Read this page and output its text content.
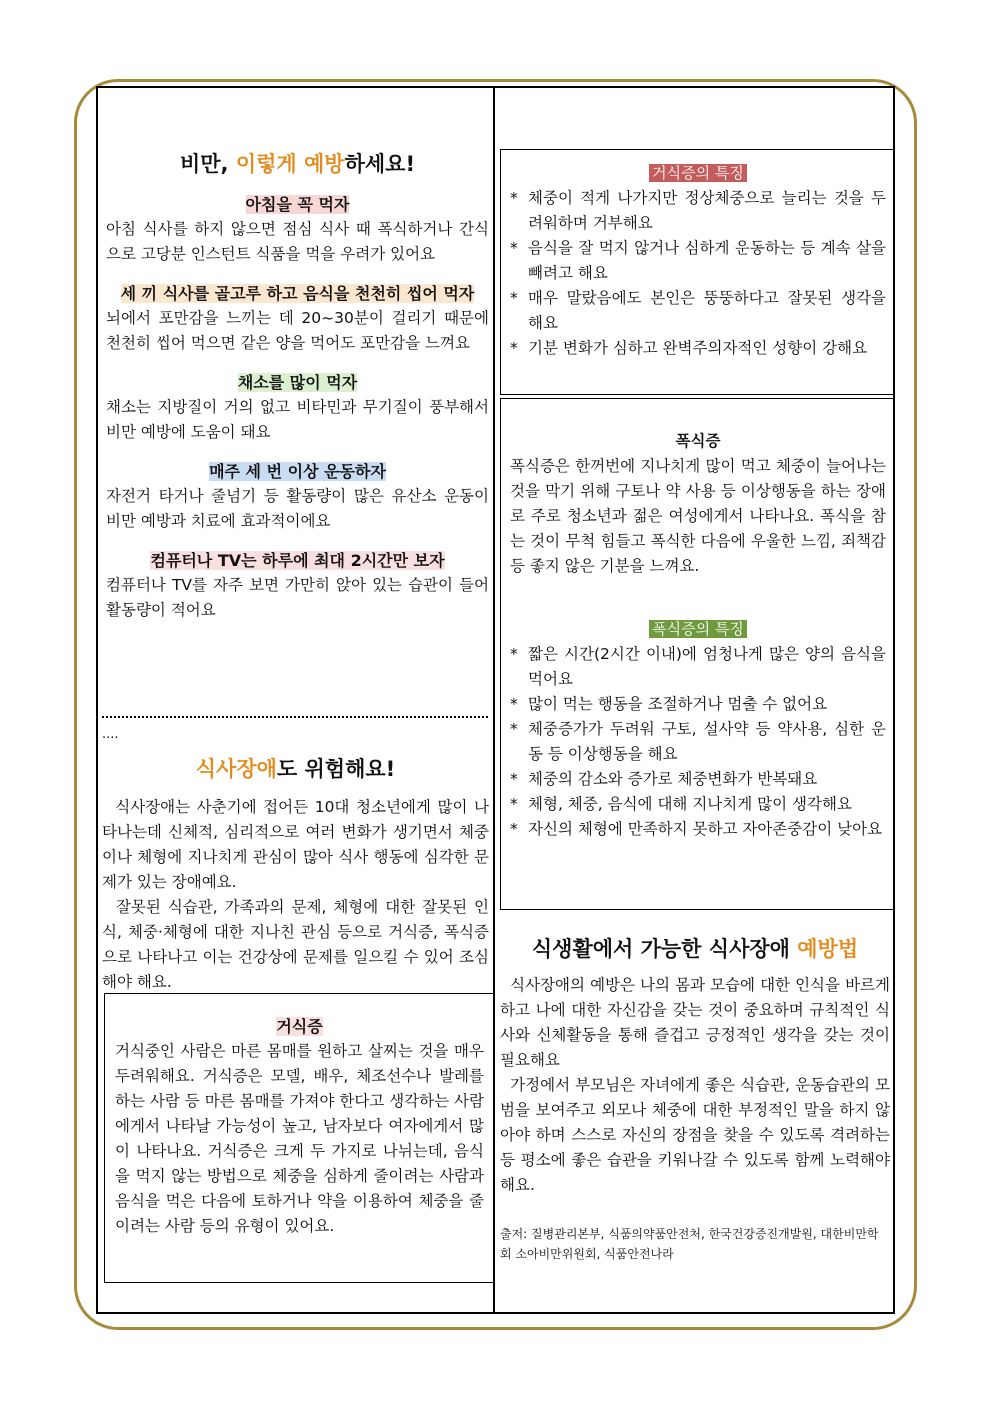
비만, 이렇게 예방하세요!

아침을 꼭 먹자

아침 식사를 하지 않으면 점심 식사 때 폭식하거나 간식으로 고당분 인스턴트 식품을 먹을 우려가 있어요

세 끼 식사를 골고루 하고 음식을 천천히 씹어 먹자

뇌에서 포만감을 느끼는 데 20~30분이 걸리기 때문에 천천히 씹어 먹으면 같은 양을 먹어도 포만감을 느껴요

채소를 많이 먹자

채소는 지방질이 거의 없고 비타민과 무기질이 풍부해서 비만 예방에 도움이 돼요

매주 세 번 이상 운동하자

자전거 타거나 줄넘기 등 활동량이 많은 유산소 운동이 비만 예방과 치료에 효과적이에요

컴퓨터나 TV는 하루에 최대 2시간만 보자

컴퓨터나 TV를 자주 보면 가만히 앉아 있는 습관이 들어 활동량이 적어요

....

식사장애도 위험해요!

식사장애는 사춘기에 접어든 10대 청소년에게 많이 나타나는데 신체적, 심리적으로 여러 변화가 생기면서 체중이나 체형에 지나치게 관심이 많아 식사 행동에 심각한 문제가 있는 장애예요.

잘못된 식습관, 가족과의 문제, 체형에 대한 잘못된 인식, 체중·체형에 대한 지나친 관심 등으로 거식증, 폭식증으로 나타나고 이는 건강상에 문제를 일으킬 수 있어 조심해야 해요.

거식증

거식중인 사람은 마른 몸매를 원하고 살찌는 것을 매우 두려워해요. 거식증은 모델, 배우, 체조선수나 발레를 하는 사람 등 마른 몸매를 가져야 한다고 생각하는 사람에게서 나타날 가능성이 높고, 남자보다 여자에게서 많이 나타나요. 거식증은 크게 두 가지로 나뉘는데, 음식을 먹지 않는 방법으로 체중을 심하게 줄이려는 사람과 음식을 먹은 다음에 토하거나 약을 이용하여 체중을 줄이려는 사람 등의 유형이 있어요.

거식증의 특징

* 체중이 적게 나가지만 정상체중으로 늘리는 것을 두려워하며 거부해요
* 음식을 잘 먹지 않거나 심하게 운동하는 등 계속 살을 빼려고 해요
* 매우 말랐음에도 본인은 뚱뚱하다고 잘못된 생각을 해요
* 기분 변화가 심하고 완벽주의자적인 성향이 강해요

폭식증

폭식증은 한꺼번에 지나치게 많이 먹고 체중이 늘어나는 것을 막기 위해 구토나 약 사용 등 이상행동을 하는 장애로 주로 청소년과 젊은 여성에게서 나타나요. 폭식을 참는 것이 무척 힘들고 폭식한 다음에 우울한 느낌, 죄책감 등 좋지 않은 기분을 느껴요.

폭식증의 특징

* 짧은 시간(2시간 이내)에 엄청나게 많은 양의 음식을 먹어요
* 많이 먹는 행동을 조절하거나 멈출 수 없어요
* 체중증가가 두려워 구토, 설사약 등 약사용, 심한 운동 등 이상행동을 해요
* 체중의 감소와 증가로 체중변화가 반복돼요
* 체형, 체중, 음식에 대해 지나치게 많이 생각해요
* 자신의 체형에 만족하지 못하고 자아존중감이 낮아요

식생활에서 가능한 식사장애 예방법

식사장애의 예방은 나의 몸과 모습에 대한 인식을 바르게 하고 나에 대한 자신감을 갖는 것이 중요하며 규칙적인 식사와 신체활동을 통해 즐겁고 긍정적인 생각을 갖는 것이 필요해요

가정에서 부모님은 자녀에게 좋은 식습관, 운동습관의 모범을 보여주고 외모나 체중에 대한 부정적인 말을 하지 않아야 하며 스스로 자신의 장점을 찾을 수 있도록 격려하는 등 평소에 좋은 습관을 키워나갈 수 있도록 함께 노력해야해요.

출저: 질병관리본부, 식품의약품안전처, 한국건강증진개발원, 대한비만학회 소아비만위원회, 식품안전나라
